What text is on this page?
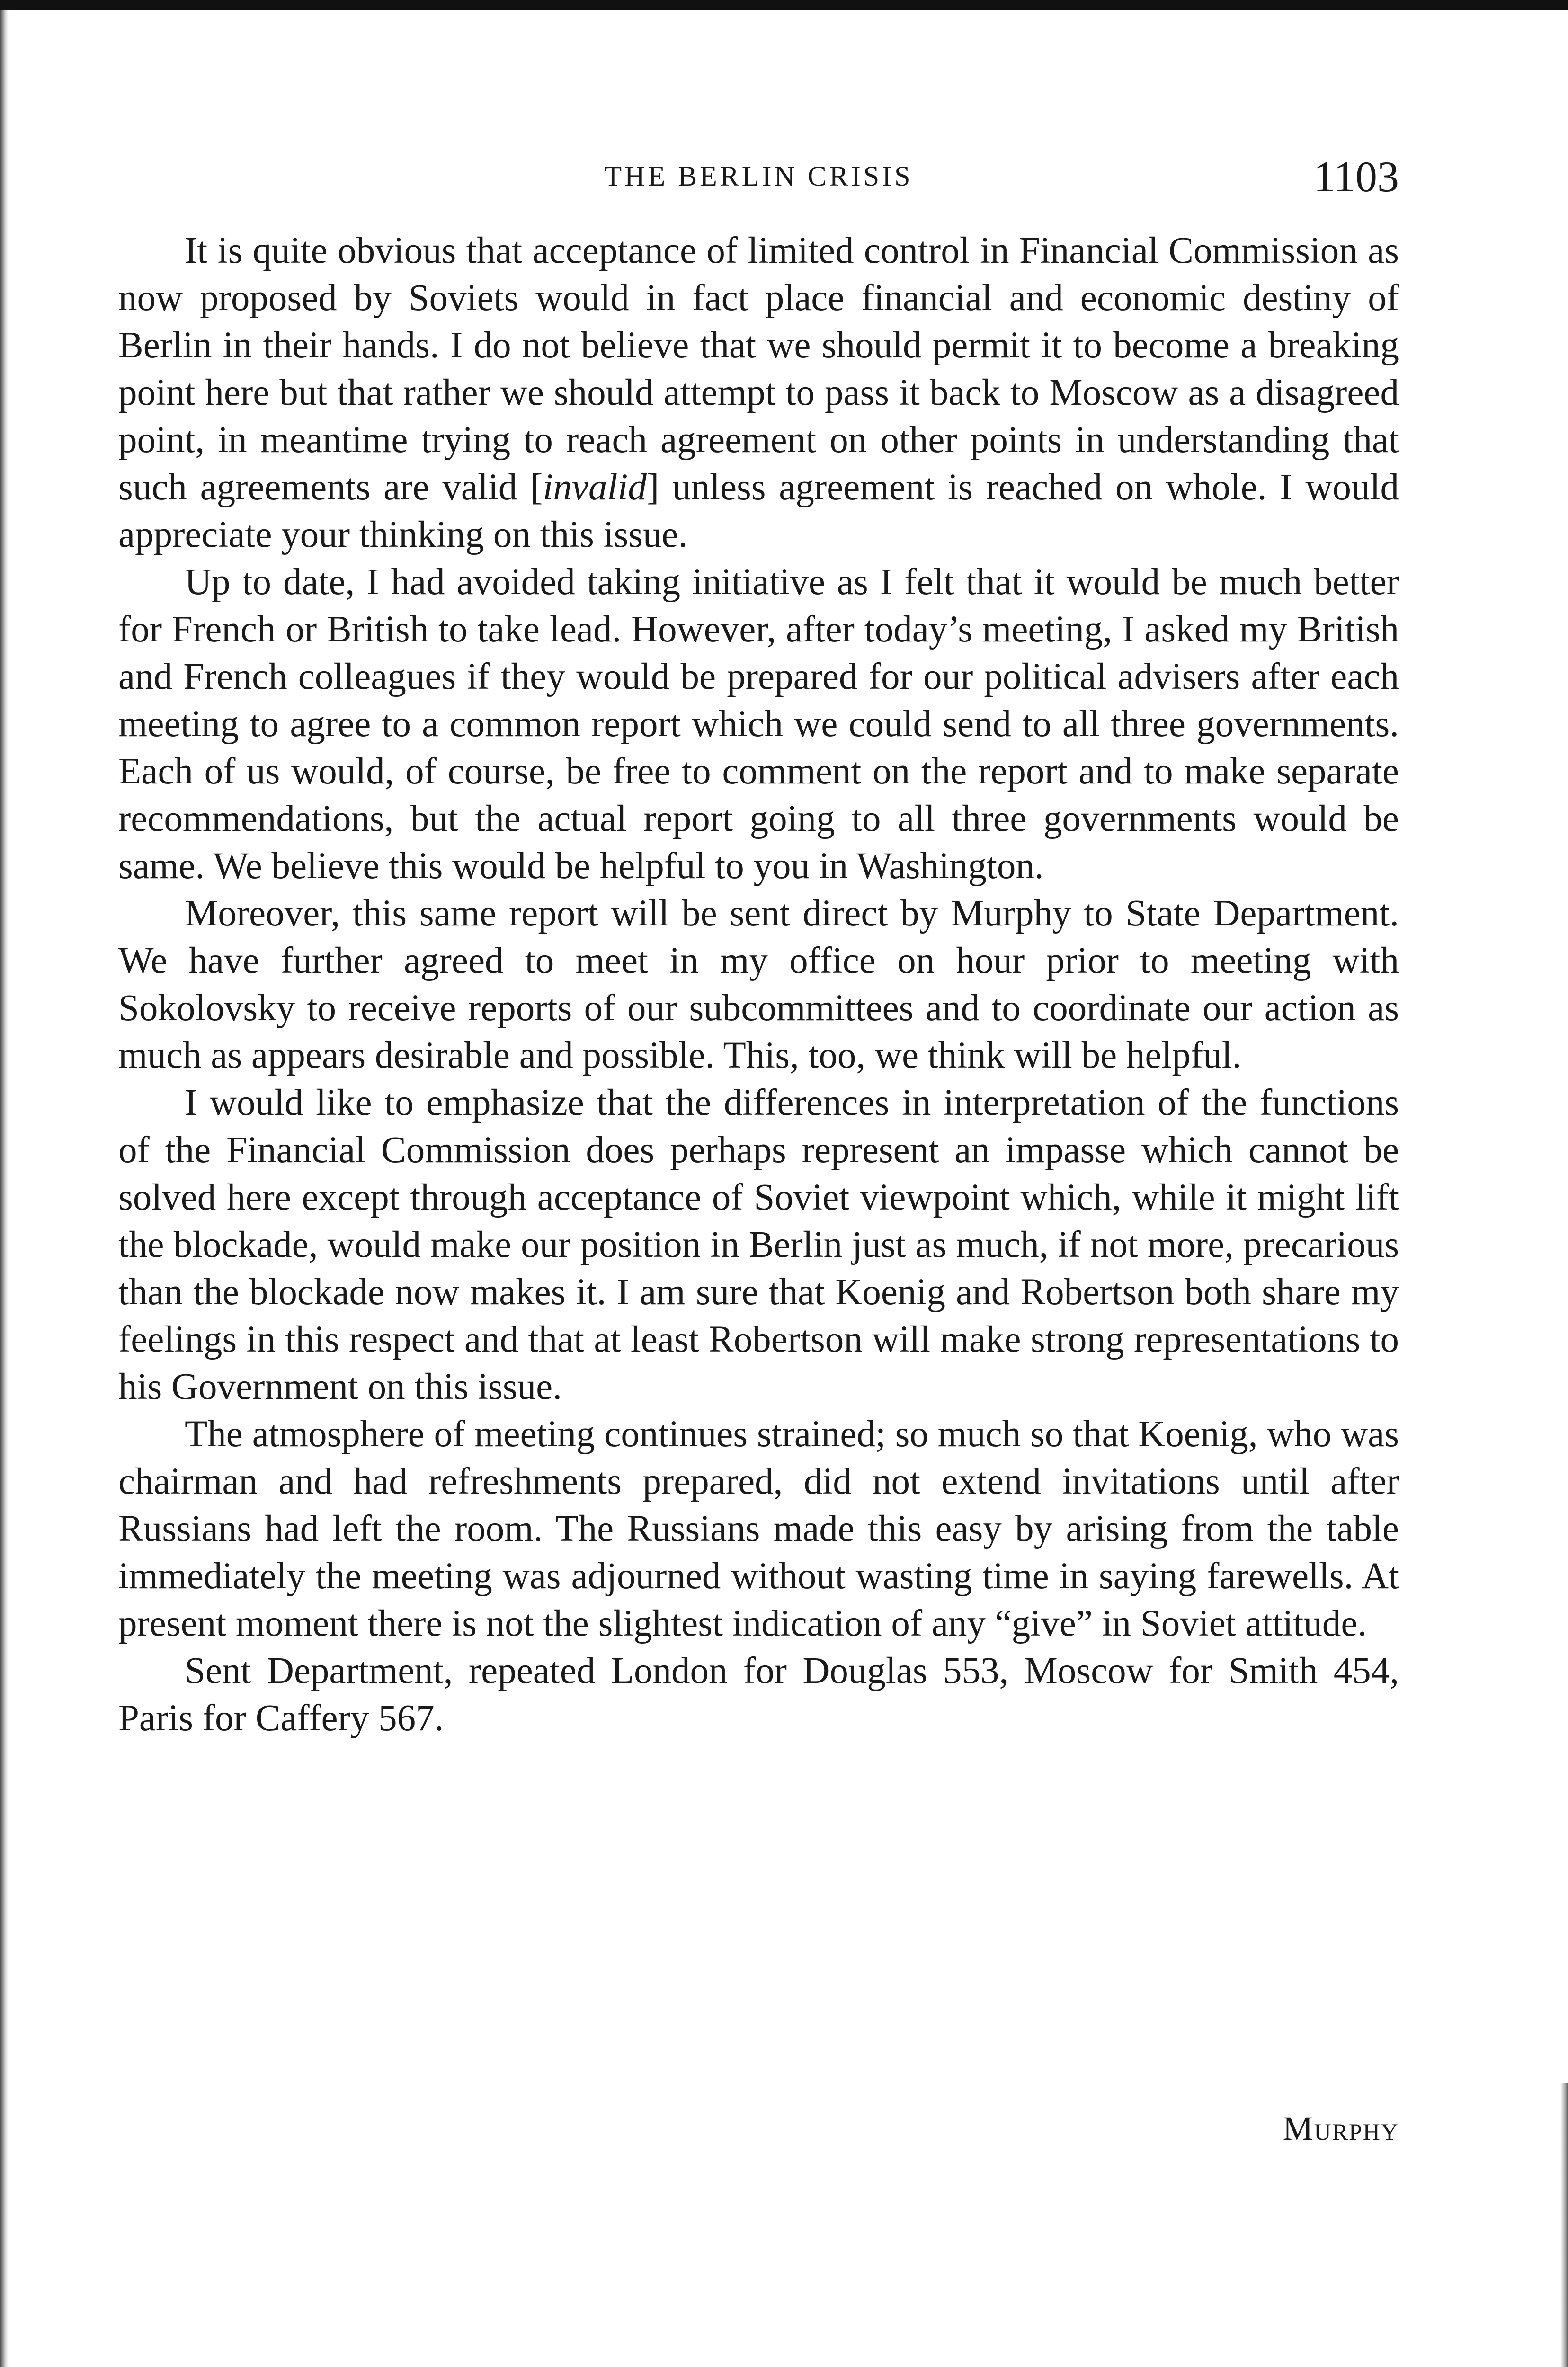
THE BERLIN CRISIS	1103

It is quite obvious that acceptance of limited control in Financial Commission as now proposed by Soviets would in fact place financial and economic destiny of Berlin in their hands. I do not believe that we should permit it to become a breaking point here but that rather we should attempt to pass it back to Moscow as a disagreed point, in meantime trying to reach agreement on other points in understanding that such agreements are valid [invalid] unless agreement is reached on whole. I would appreciate your thinking on this issue.

Up to date, I had avoided taking initiative as I felt that it would be much better for French or British to take lead. However, after today’s meeting, I asked my British and French colleagues if they would be prepared for our political advisers after each meeting to agree to a common report which we could send to all three governments. Each of us would, of course, be free to comment on the report and to make separate recommendations, but the actual report going to all three governments would be same. We believe this would be helpful to you in Washington.

Moreover, this same report will be sent direct by Murphy to State Department. We have further agreed to meet in my office on hour prior to meeting with Sokolovsky to receive reports of our subcommittees and to coordinate our action as much as appears desirable and possible. This, too, we think will be helpful.

I would like to emphasize that the differences in interpretation of the functions of the Financial Commission does perhaps represent an impasse which cannot be solved here except through acceptance of Soviet viewpoint which, while it might lift the blockade, would make our position in Berlin just as much, if not more, precarious than the blockade now makes it. I am sure that Koenig and Robertson both share my feelings in this respect and that at least Robertson will make strong representations to his Government on this issue.

The atmosphere of meeting continues strained; so much so that Koenig, who was chairman and had refreshments prepared, did not extend invitations until after Russians had left the room. The Russians made this easy by arising from the table immediately the meeting was adjourned without wasting time in saying farewells. At present moment there is not the slightest indication of any “give” in Soviet attitude.

Sent Department, repeated London for Douglas 553, Moscow for Smith 454, Paris for Caffery 567.

Murphy
